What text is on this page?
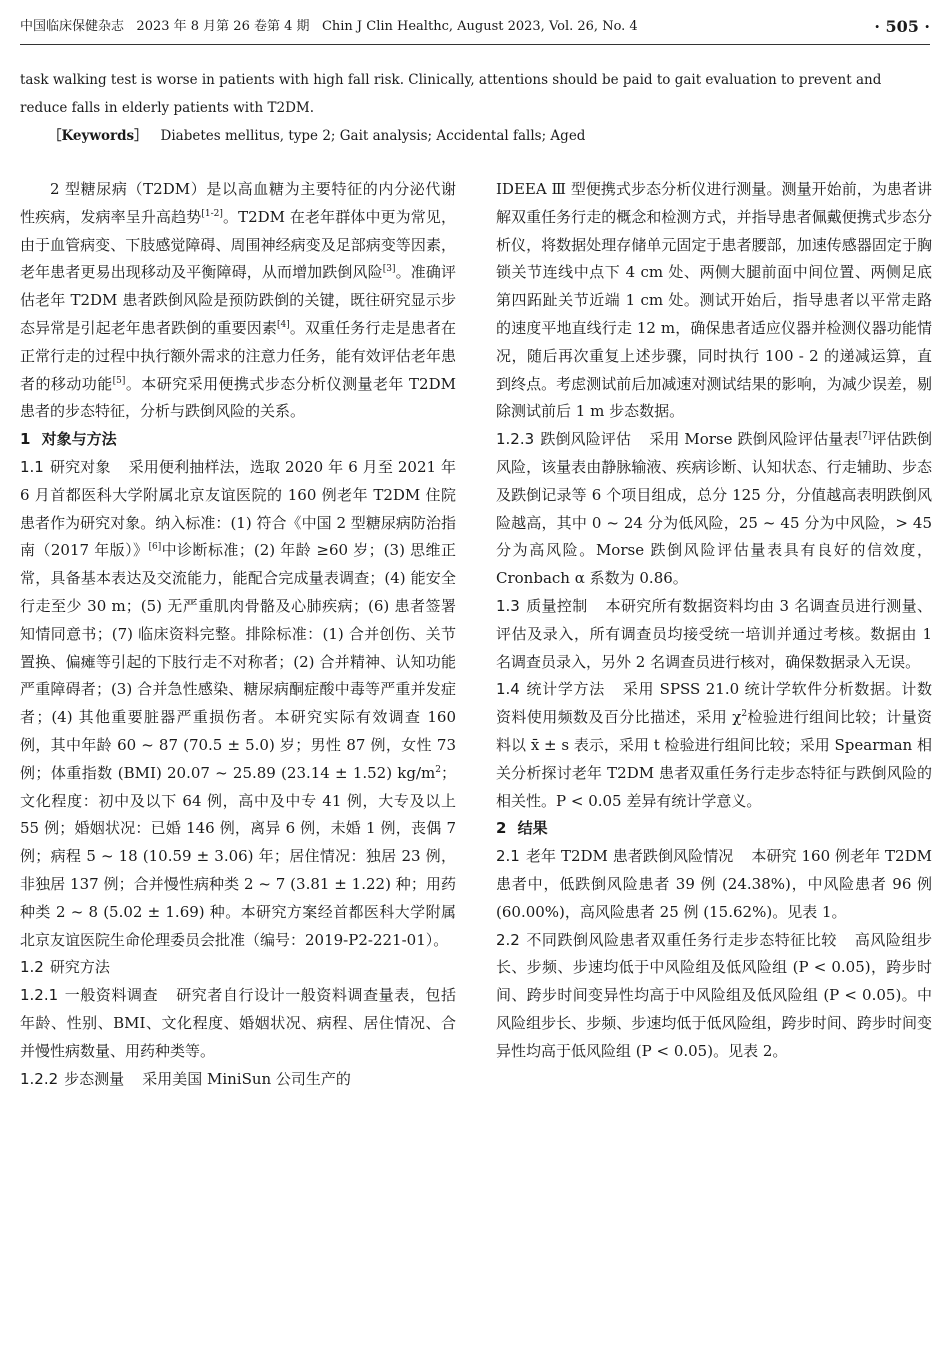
中国临床保健杂志 2023 年 8 月第 26 卷第 4 期 Chin J Clin Healthc, August 2023, Vol. 26, No. 4	· 505 ·

task walking test is worse in patients with high fall risk. Clinically, attentions should be paid to gait evaluation to prevent and reduce falls in elderly patients with T2DM.

［Keywords］ Diabetes mellitus, type 2; Gait analysis; Accidental falls; Aged

2 型糖尿病（T2DM）是以高血糖为主要特征的内分泌代谢性疾病，发病率呈升高趋势[1-2]。T2DM 在老年群体中更为常见，由于血管病变、下肢感觉障碍、周围神经病变及足部病变等因素，老年患者更易出现移动及平衡障碍，从而增加跌倒风险[3]。准确评估老年 T2DM 患者跌倒风险是预防跌倒的关键，既往研究显示步态异常是引起老年患者跌倒的重要因素[4]。双重任务行走是患者在正常行走的过程中执行额外需求的注意力任务，能有效评估老年患者的移动功能[5]。本研究采用便携式步态分析仪测量老年 T2DM 患者的步态特征，分析与跌倒风险的关系。

1 对象与方法

1.1 研究对象 采用便利抽样法，选取 2020 年 6 月至 2021 年 6 月首都医科大学附属北京友谊医院的 160 例老年 T2DM 住院患者作为研究对象。纳入标准：(1) 符合《中国 2 型糖尿病防治指南（2017 年版）》[6]中诊断标准；(2) 年龄 ≥60 岁；(3) 思维正常，具备基本表达及交流能力，能配合完成量表调查；(4) 能安全行走至少 30 m；(5) 无严重肌肉骨骼及心肺疾病；(6) 患者签署知情同意书；(7) 临床资料完整。排除标准：(1) 合并创伤、关节置换、偏瘫等引起的下肢行走不对称者；(2) 合并精神、认知功能严重障碍者；(3) 合并急性感染、糖尿病酮症酸中毒等严重并发症者；(4) 其他重要脏器严重损伤者。本研究实际有效调查 160 例，其中年龄 60 ~ 87 (70.5 ± 5.0) 岁；男性 87 例，女性 73 例；体重指数 (BMI) 20.07 ~ 25.89 (23.14 ± 1.52) $kg/m^2$；文化程度：初中及以下 64 例，高中及中专 41 例，大专及以上 55 例；婚姻状况：已婚 146 例，离异 6 例，未婚 1 例，丧偶 7 例；病程 5 ~ 18 (10.59 ± 3.06) 年；居住情况：独居 23 例，非独居 137 例；合并慢性病种类 2 ~ 7 (3.81 ± 1.22) 种；用药种类 2 ~ 8 (5.02 ± 1.69) 种。本研究方案经首都医科大学附属北京友谊医院生命伦理委员会批准（编号：2019-P2-221-01）。

1.2 研究方法

1.2.1 一般资料调查 研究者自行设计一般资料调查量表，包括年龄、性别、BMI、文化程度、婚姻状况、病程、居住情况、合并慢性病数量、用药种类等。

1.2.2 步态测量 采用美国 MiniSun 公司生产的

IDEEA Ⅲ 型便携式步态分析仪进行测量。测量开始前，为患者讲解双重任务行走的概念和检测方式，并指导患者佩戴便携式步态分析仪，将数据处理存储单元固定于患者腰部，加速传感器固定于胸锁关节连线中点下 4 cm 处、两侧大腿前面中间位置、两侧足底第四跖趾关节近端 1 cm 处。测试开始后，指导患者以平常走路的速度平地直线行走 12 m，确保患者适应仪器并检测仪器功能情况，随后再次重复上述步骤，同时执行 100 - 2 的递减运算，直到终点。考虑测试前后加减速对测试结果的影响，为减少误差，剔除测试前后 1 m 步态数据。

1.2.3 跌倒风险评估 采用 Morse 跌倒风险评估量表[7]评估跌倒风险，该量表由静脉输液、疾病诊断、认知状态、行走辅助、步态及跌倒记录等 6 个项目组成，总分 125 分，分值越高表明跌倒风险越高，其中 0 ~ 24 分为低风险，25 ~ 45 分为中风险，> 45 分为高风险。Morse 跌倒风险评估量表具有良好的信效度，Cronbach α 系数为 0.86。

1.3 质量控制 本研究所有数据资料均由 3 名调查员进行测量、评估及录入，所有调查员均接受统一培训并通过考核。数据由 1 名调查员录入，另外 2 名调查员进行核对，确保数据录入无误。

1.4 统计学方法 采用 SPSS 21.0 统计学软件分析数据。计数资料使用频数及百分比描述，采用 $\chi^2$检验进行组间比较；计量资料以 x̄ ± s 表示，采用 t 检验进行组间比较；采用 Spearman 相关分析探讨老年 T2DM 患者双重任务行走步态特征与跌倒风险的相关性。P < 0.05 差异有统计学意义。

2 结果

2.1 老年 T2DM 患者跌倒风险情况 本研究 160 例老年 T2DM 患者中，低跌倒风险患者 39 例 (24.38%)，中风险患者 96 例 (60.00%)，高风险患者 25 例 (15.62%)。见表 1。

2.2 不同跌倒风险患者双重任务行走步态特征比较 高风险组步长、步频、步速均低于中风险组及低风险组 (P < 0.05)，跨步时间、跨步时间变异性均高于中风险组及低风险组 (P < 0.05)。中风险组步长、步频、步速均低于低风险组，跨步时间、跨步时间变异性均高于低风险组 (P < 0.05)。见表 2。
